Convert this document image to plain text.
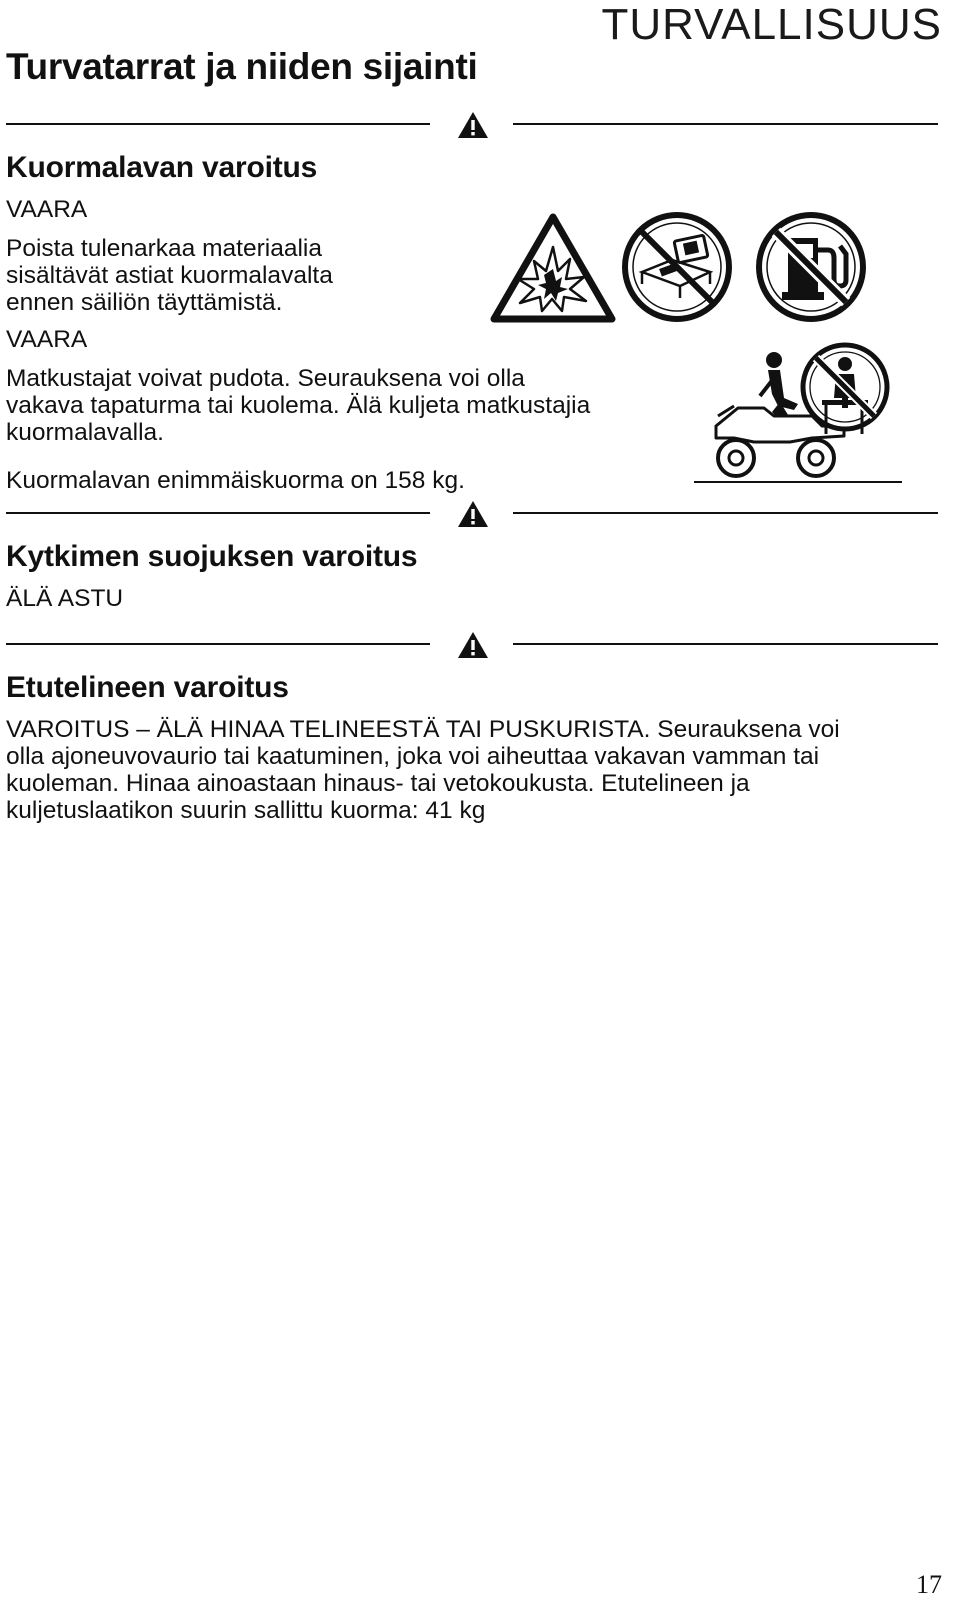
TURVALLISUUS
Turvatarrat ja niiden sijainti
Kuormalavan varoitus
VAARA

Poista tulenarkaa materiaalia

sisältävät astiat kuormalavalta

ennen säiliön täyttämistä.

VAARA

Matkustajat voivat pudota. Seurauksena voi olla

vakava tapaturma tai kuolema. Älä kuljeta matkustajia

kuormalavalla.

Kuormalavan enimmäiskuorma on 158 kg.
Kytkimen suojuksen varoitus
ÄLÄ ASTU
Etutelineen varoitus

VAROITUS – ÄLÄ HINAA TELINEESTÄ TAI PUSKURISTA. Seurauksena voi

olla ajoneuvovaurio tai kaatuminen, joka voi aiheuttaa vakavan vamman tai

kuoleman. Hinaa ainoastaan hinaus- tai vetokoukusta. Etutelineen ja

kuljetuslaatikon suurin sallittu kuorma: 41 kg

17
